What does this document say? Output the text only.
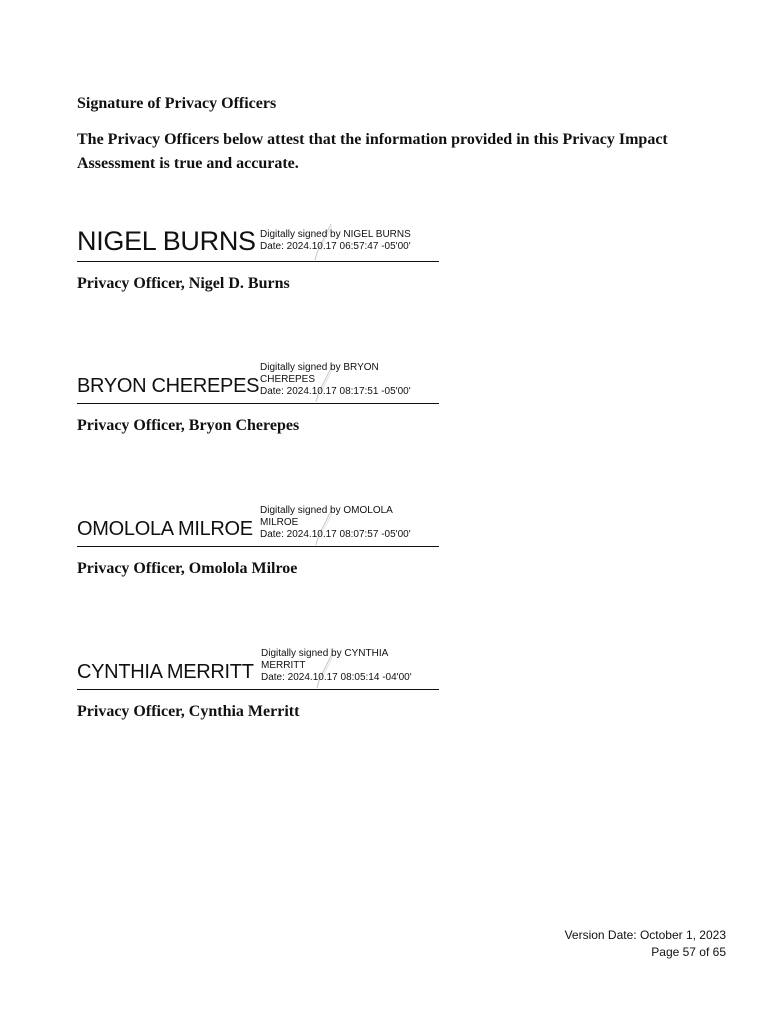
Signature of Privacy Officers

The Privacy Officers below attest that the information provided in this Privacy Impact Assessment is true and accurate.

NIGEL BURNS Digitally signed by NIGEL BURNS
Date: 2024.10.17 06:57:47 -05'00'
Privacy Officer, Nigel D. Burns
BRYON CHEREPES
Digitally signed by BRYON
CHEREPES
Date: 2024.10.17 08:17:51 -05'00'
Privacy Officer, Bryon Cherepes
OMOLOLA MILROE
Digitally signed by OMOLOLA
MILROE
Date: 2024.10.17 08:07:57 -05'00'
Privacy Officer, Omolola Milroe
CYNTHIA MERRITT
Digitally signed by CYNTHIA
MERRITT
Date: 2024.10.17 08:05:14 -04'00'
Privacy Officer, Cynthia Merritt
Version Date: October 1, 2023
Page 57 of 65
